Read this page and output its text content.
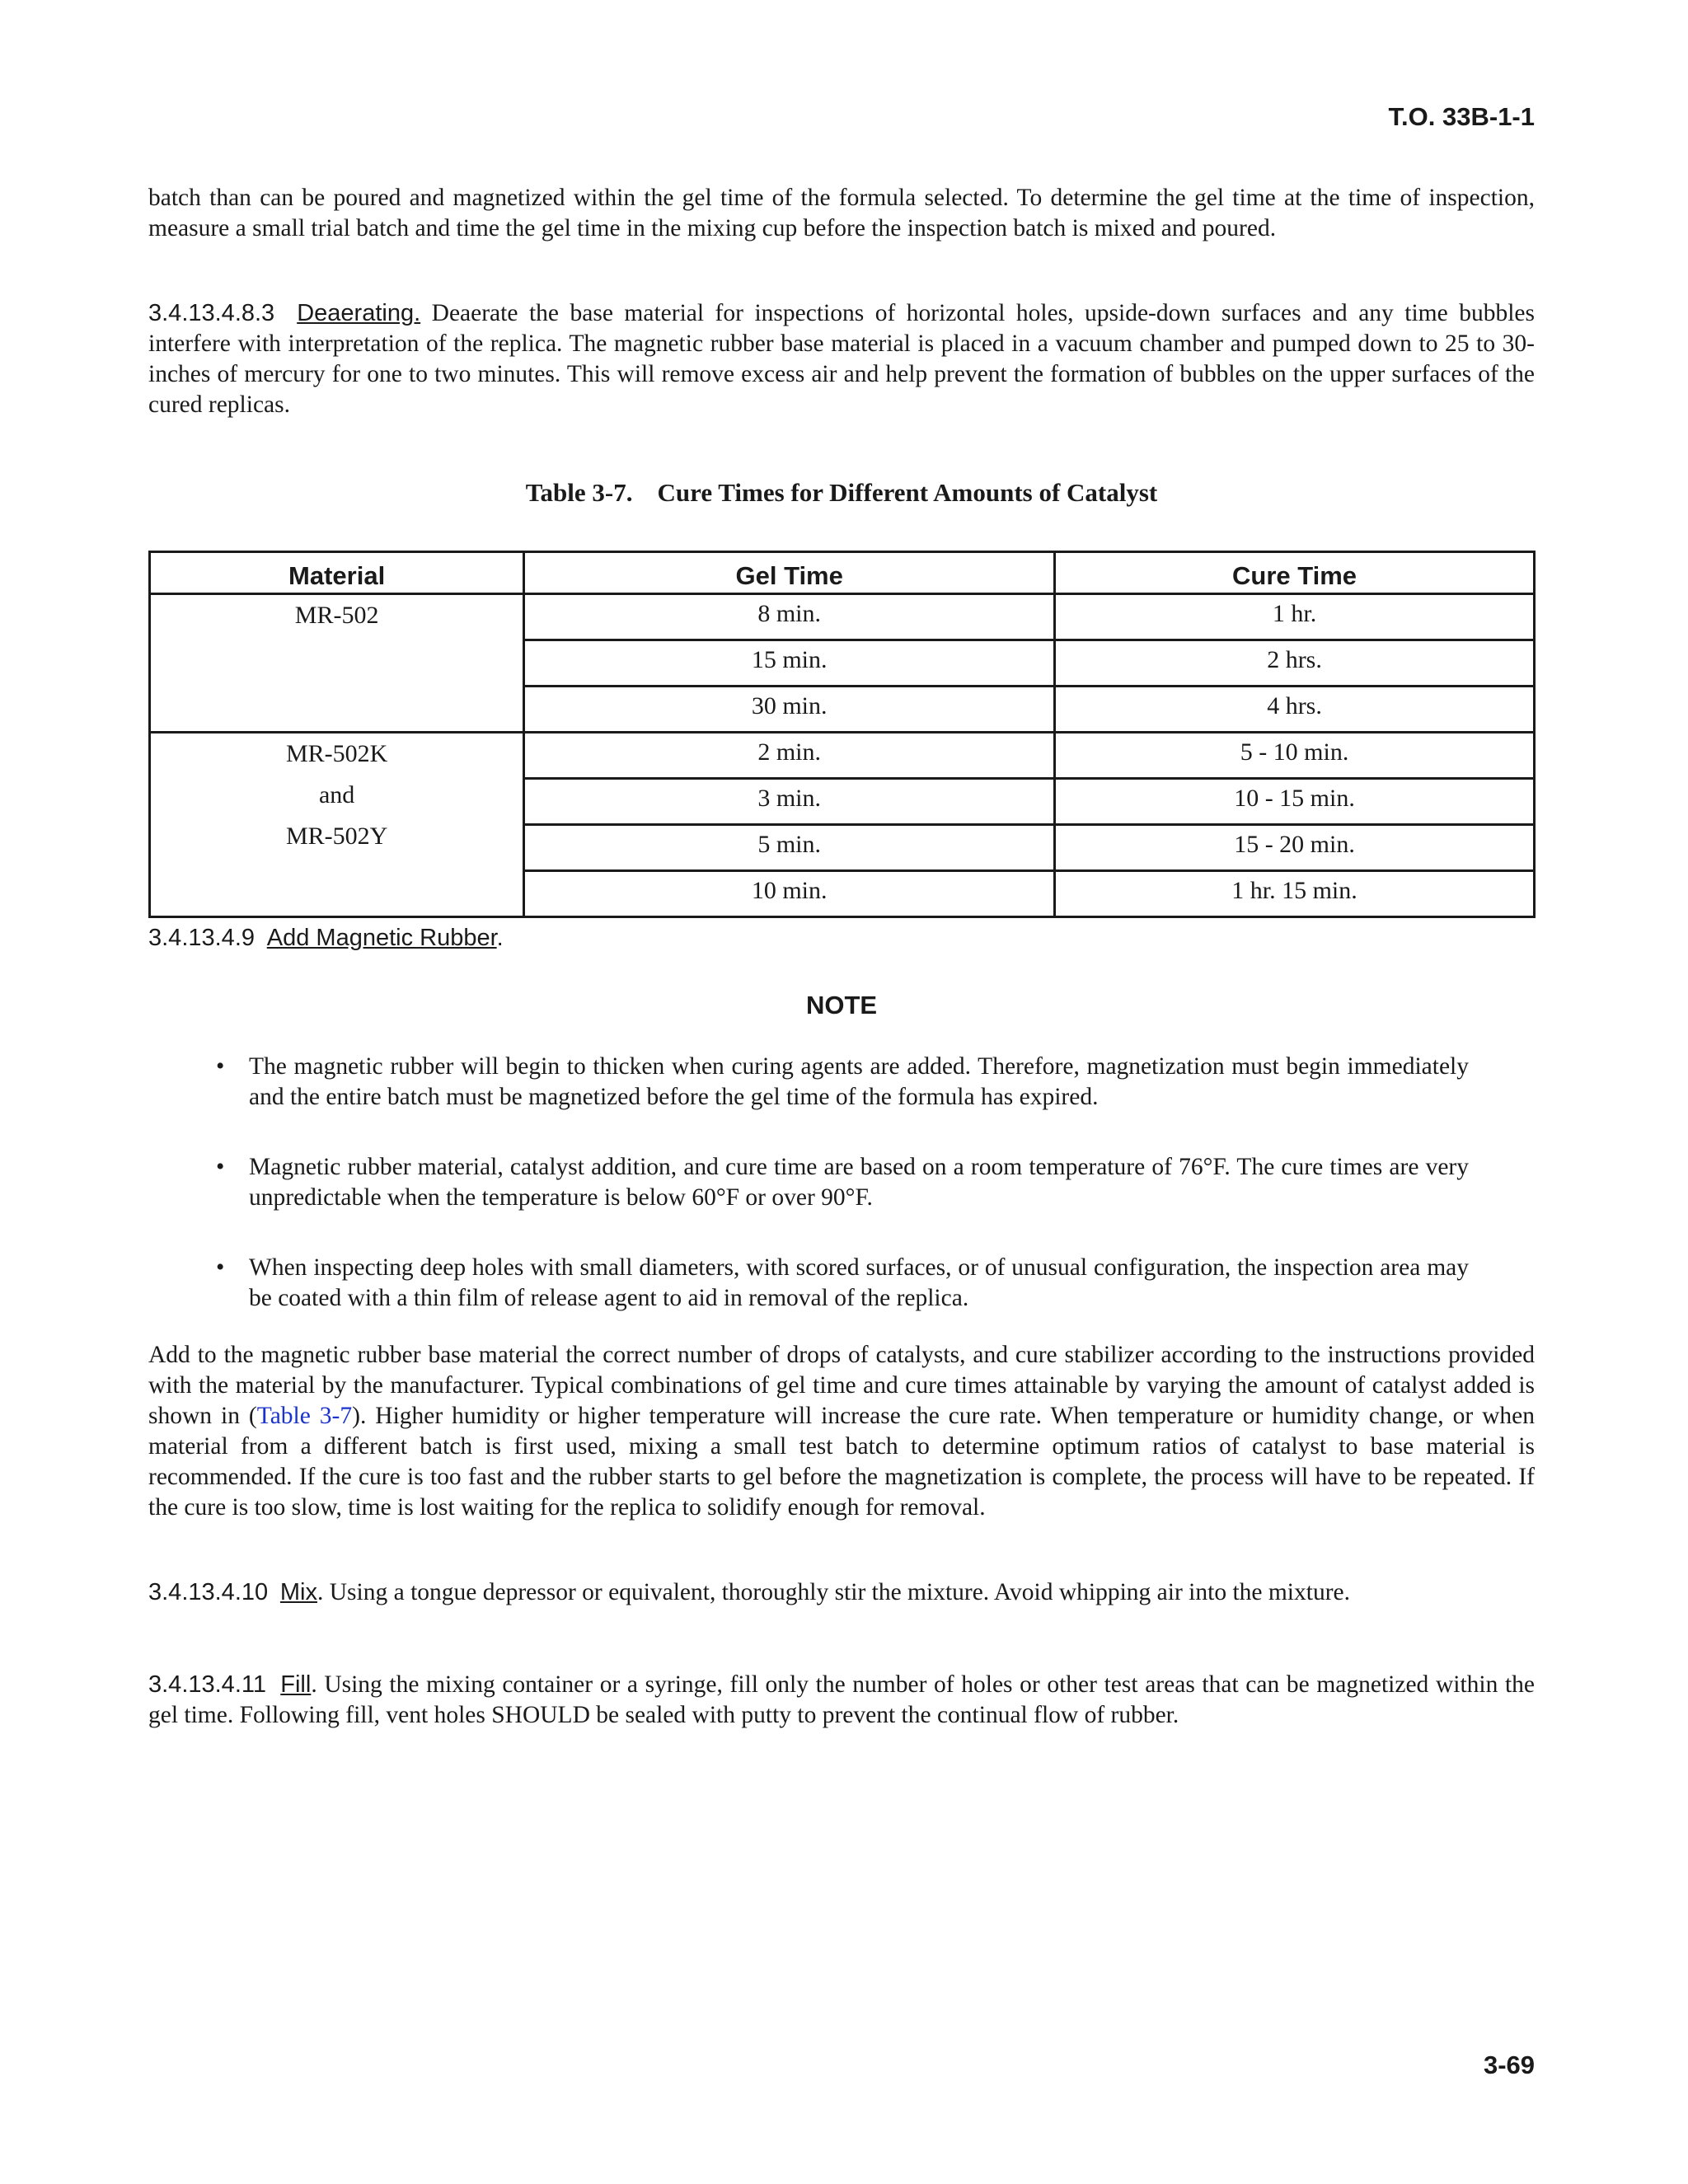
T.O. 33B-1-1

batch than can be poured and magnetized within the gel time of the formula selected. To determine the gel time at the time of inspection, measure a small trial batch and time the gel time in the mixing cup before the inspection batch is mixed and poured.

3.4.13.4.8.3 Deaerating. Deaerate the base material for inspections of horizontal holes, upside-down surfaces and any time bubbles interfere with interpretation of the replica. The magnetic rubber base material is placed in a vacuum chamber and pumped down to 25 to 30-inches of mercury for one to two minutes. This will remove excess air and help prevent the formation of bubbles on the upper surfaces of the cured replicas.

Table 3-7. Cure Times for Different Amounts of Catalyst
Material	Gel Time	Cure Time

MR-502	8 min.	1 hr.
	15 min.	2 hrs.
	30 min.	4 hrs.

MR-502K
and
MR-502Y	2 min.	5 - 10 min.
	3 min.	10 - 15 min.
	5 min.	15 - 20 min.
	10 min.	1 hr. 15 min.

3.4.13.4.9 Add Magnetic Rubber.

NOTE
• The magnetic rubber will begin to thicken when curing agents are added. Therefore, magnetization must begin immediately and the entire batch must be magnetized before the gel time of the formula has expired.
• Magnetic rubber material, catalyst addition, and cure time are based on a room temperature of 76°F. The cure times are very unpredictable when the temperature is below 60°F or over 90°F.
• When inspecting deep holes with small diameters, with scored surfaces, or of unusual configuration, the inspection area may be coated with a thin film of release agent to aid in removal of the replica.

Add to the magnetic rubber base material the correct number of drops of catalysts, and cure stabilizer according to the instructions provided with the material by the manufacturer. Typical combinations of gel time and cure times attainable by varying the amount of catalyst added is shown in (Table 3-7). Higher humidity or higher temperature will increase the cure rate. When temperature or humidity change, or when material from a different batch is first used, mixing a small test batch to determine optimum ratios of catalyst to base material is recommended. If the cure is too fast and the rubber starts to gel before the magnetization is complete, the process will have to be repeated. If the cure is too slow, time is lost waiting for the replica to solidify enough for removal.

3.4.13.4.10 Mix. Using a tongue depressor or equivalent, thoroughly stir the mixture. Avoid whipping air into the mixture.

3.4.13.4.11 Fill. Using the mixing container or a syringe, fill only the number of holes or other test areas that can be magnetized within the gel time. Following fill, vent holes SHOULD be sealed with putty to prevent the continual flow of rubber.

3-69
